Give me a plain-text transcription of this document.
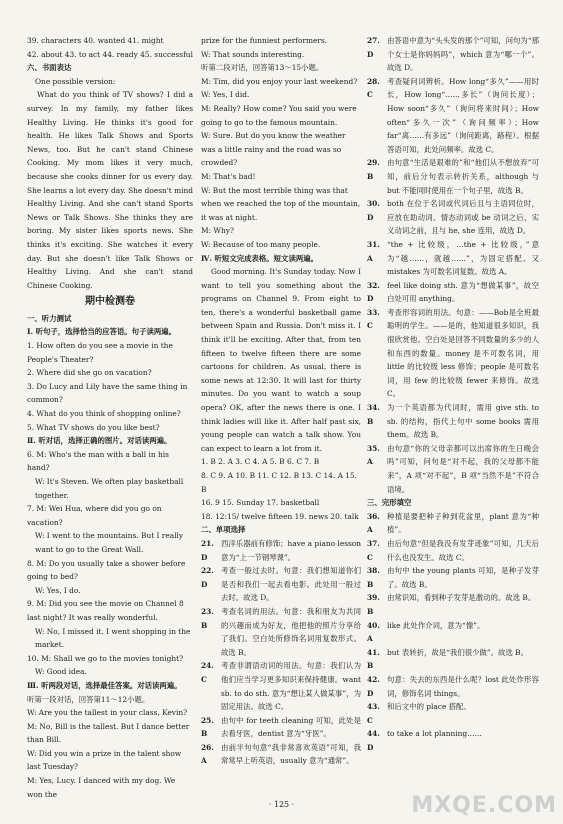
39. characters 40. wanted 41. might
42. about 43. to act 44. ready 45. successful
六、书面表达
One possible version:
What do you think of TV shows? I did a survey. In my family, my father likes Healthy Living. He thinks it's good for health. He likes Talk Shows and Sports News, too. But he can't stand Chinese Cooking. My mom likes it very much, because she cooks dinner for us every day. She learns a lot every day. She doesn't mind Healthy Living. And she can't stand Sports News or Talk Shows. She thinks they are boring. My sister likes sports news. She thinks it's exciting. She watches it every day. But she doesn't like Talk Shows or Healthy Living. And she can't stand Chinese Cooking.
期中检测卷
一、听力测试
Ⅰ. 听句子，选择恰当的应答语。句子读两遍。
1. How often do you see a movie in the People's Theater?
2. Where did she go on vacation?
3. Do Lucy and Lily have the same thing in common?
4. What do you think of shopping online?
5. What TV shows do you like best?
Ⅱ. 听对话，选择正确的图片。对话读两遍。
6. M: Who's the man with a ball in his hand?
W: It's Steven. We often play basketball together.
7. M: Wei Hua, where did you go on vacation?
W: I went to the mountains. But I really want to go to the Great Wall.
8. M: Do you usually take a shower before going to bed?
W: Yes, I do.
9. M: Did you see the movie on Channel 8 last night? It was really wonderful.
W: No, I missed it. I went shopping in the market.
10. M: Shall we go to the movies tonight?
W: Good idea.
Ⅲ. 听两段对话，选择最佳答案。对话读两遍。
听第一段对话，回答第11～12小题。
W: Are you the tallest in your class, Kevin?
M: No, Bill is the tallest. But I dance better than Bill.
W: Did you win a prize in the talent show last Tuesday?
M: Yes, Lucy. I danced with my dog. We won the
prize for the funniest performers.
W: That sounds interesting.
听第二段对话，回答第13～15小题。
M: Tim, did you enjoy your last weekend?
W: Yes, I did.
M: Really? How come? You said you were going to go to the famous mountain.
W: Sure. But do you know the weather was a little rainy and the road was so crowded?
M: That's bad!
W: But the most terrible thing was that when we reached the top of the mountain, it was at night.
M: Why?
W: Because of too many people.
Ⅳ. 听短文完成表格。短文读两遍。
Good morning. It's Sunday today. Now I want to tell you something about the programs on Channel 9. From eight to ten, there's a wonderful basketball game between Spain and Russia. Don't miss it. I think it'll be exciting. After that, from ten fifteen to twelve fifteen there are some cartoons for children. As usual, there is some news at 12:30. It will last for thirty minutes. Do you want to watch a soup opera? OK, after the news there is one. I think ladies will like it. After half past six, young people can watch a talk show. You can expect to learn a lot from it.
1. B 2. A 3. C 4. A 5. B 6. C 7. B
8. C 9. A 10. B 11. C 12. B 13. C 14. A 15. B
16. 9 15. Sunday 17. basketball
18. 12:15/ twelve fifteen 19. news 20. talk
二、单项选择
21. D
西洋乐器前有修饰；have a piano lesson 意为“上一节钢琴课”。
22. D
考查一般过去时。句意：我们想知道你们是否和我们一起去看电影。此处用一般过去时。故选 D。
23. B
考查名词的用法。句意：我和朋友为共同的兴趣而成为好友，他把他的照片分享给了我们。空白处所修饰名词用复数形式。故选 B。
24. C
考查非谓语动词的用法。句意：我们认为他们应当学习更多知识来保持健康。want sb. to do sth. 意为“想让某人做某事”，为固定用法。故选 C。
25. B
由句中 for teeth cleaning 可知，此处是去看牙医，dentist 意为“牙医”。
26. A
由前半句句意“我非常喜欢英语”可知，我常常早上听英语，usually 意为“通常”。
27. D
由答语中意为“头头发的那个”可知，问句为“那个女士是你妈妈吗”，which 意为“哪一个”。故选 D。
28. C
考查疑问词辨析。How long“多久”——用时长，How long“……多长”（询问长度）；How soon“多久”（询问将来时间）；How often“多久一次”（询问频率）；How far“离……有多远”（询问距离，路程）。根据答语可知，此处问频率。故选 C。
29. B
由句意“生活是艰难的”和“他们从不想放弃”可知，前后分句表示转折关系，although 与 but 不能同时使用在一个句子里，故选 B。
30. D
both 在位于名词或代词后且与主语同位时，应放在助动词、情态动词或 be 动词之后、实义动词之前，且与 he, she 连用，故选 D。
31. A
“the + 比较级，…the + 比较级，”意为“越……，就越……”，为固定搭配。又 mistakes 为可数名词复数。故选 A。
32. D
feel like doing sth. 意为“想做某事”，故空白处可用 anything。
33. C
考查形容词的用法。句意：——Bob是全班最聪明的学生。——是的，他知道很多知识，我很欣赏他。空白处是回答不同数量的多少的人和东西的数量。money 是不可数名词，用 little 的比较级 less 修饰；people 是可数名词，用 few 的比较级 fewer 来修饰。故选 C。
34. B
为一个英语都为代词时，需用 give sth. to sb. 的结构，指代上句中 some books 需用 them。故选 B。
35. A
由句意“你的父母亲都可以出席你的生日晚会吗”可知，问句是“对不起，我的父母都不能来”，A 项“对不起”，B 项“当然不是”不符合语境。
三、完形填空
36. A
种植是要把种子种到花盆里，plant 意为“种植”。
37. C
由后句意“但是我没有发芽迹象”可知，几天后什么也没发生。故选 C。
38. B
由句中 the young plants 可知，是种子发芽了。故选 B。
39. B
由常识知，看到种子发芽是激动的。故选 B。
40. A
like 此处作介词，意为“像”。
41. B
but 表转折，故是“我们很少做”。故选 B。
42. D
句意：失去的东西是什么呢？lost 此处作形容词，修饰名词 things。
43. C
和后文中的 place 搭配。
44. D
to take a lot planning……
· 125 ·	MXQE.COM
